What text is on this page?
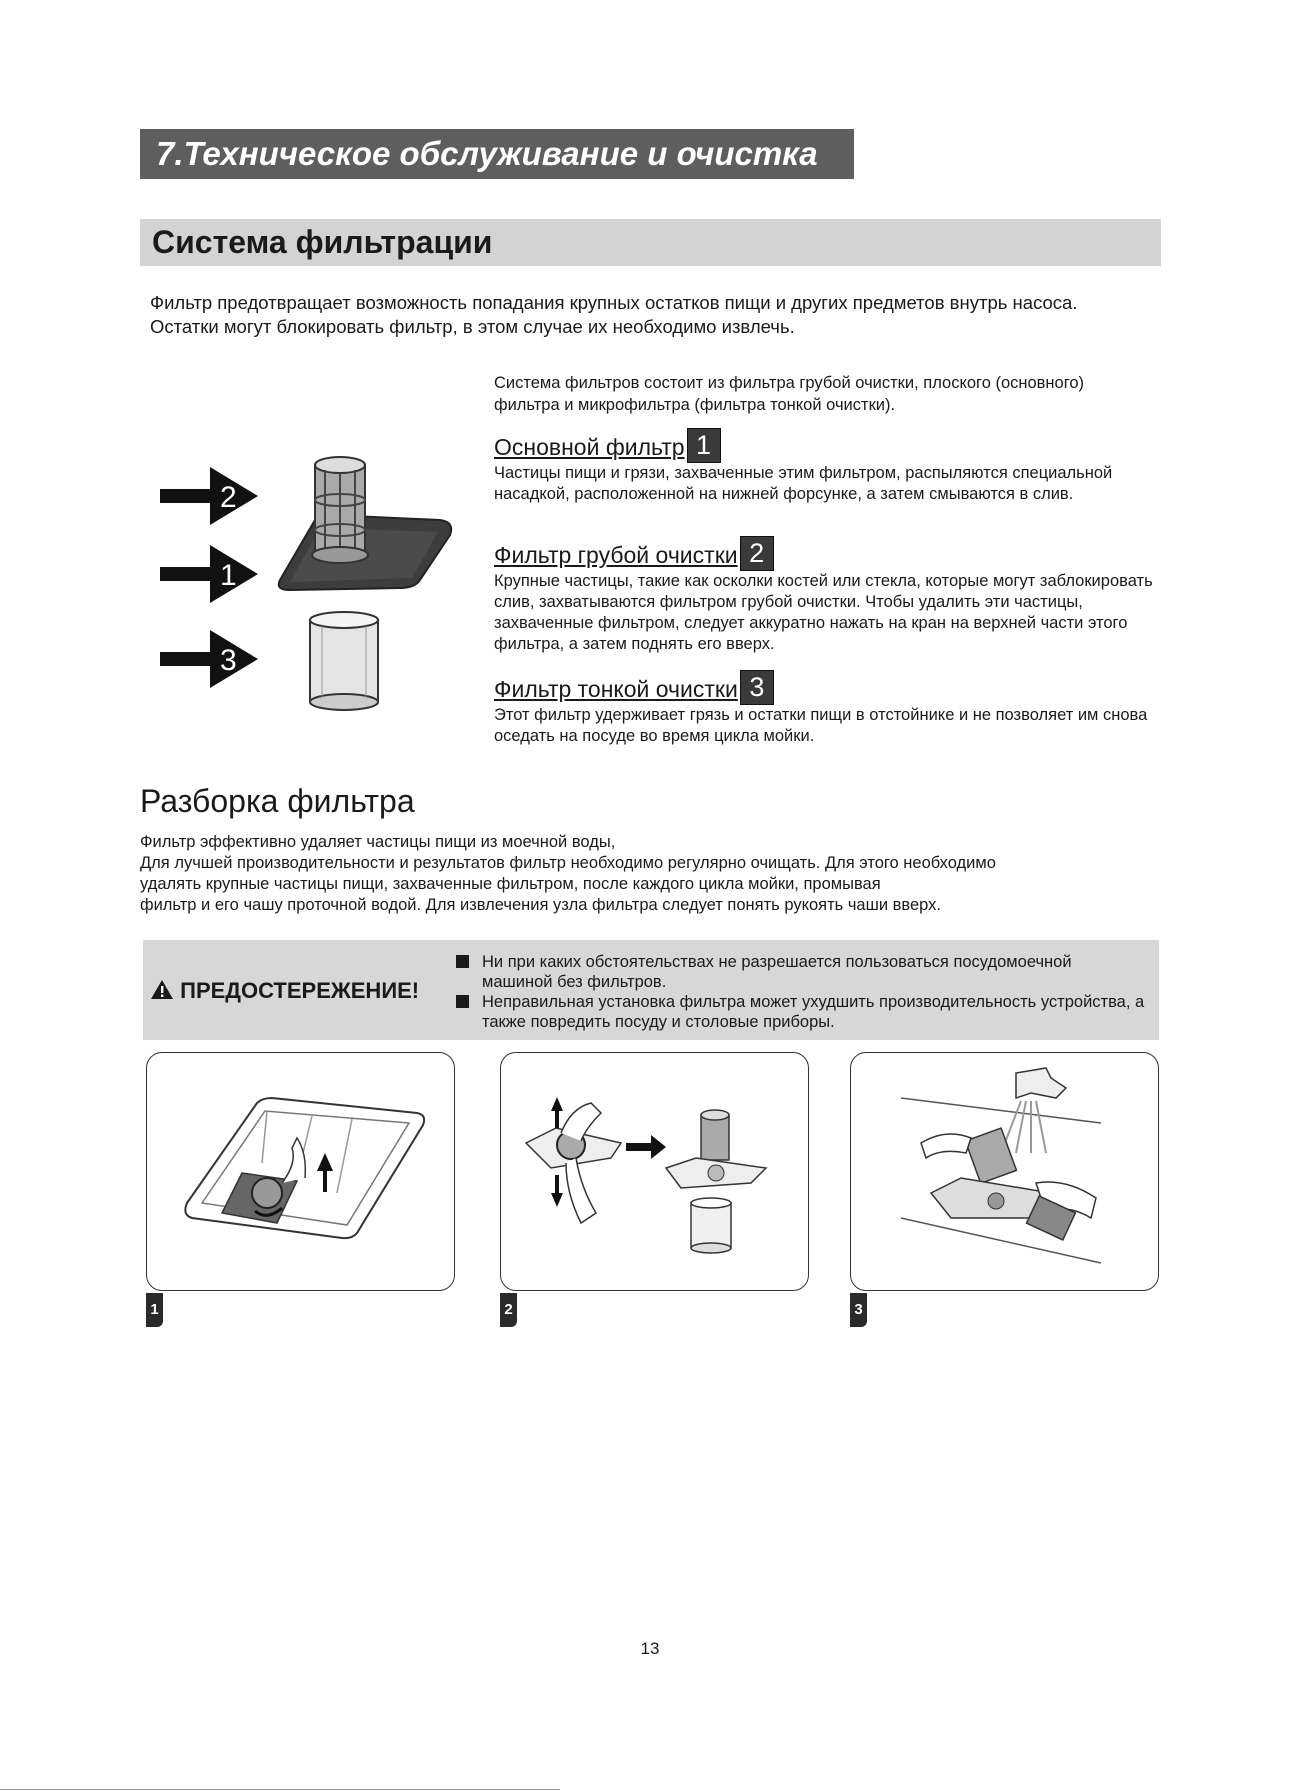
7.Техническое обслуживание и очистка
Система фильтрации

Фильтр предотвращает возможность попадания крупных остатков пищи и других предметов внутрь насоса.

Остатки могут блокировать фильтр, в этом случае их необходимо извлечь.

2
1
3
Система фильтров состоит из фильтра грубой очистки, плоского (основного) фильтра и микрофильтра (фильтра тонкой очистки).
Основной фильтр 1
Частицы пищи и грязи, захваченные этим фильтром, распыляются специальной насадкой, расположенной на нижней форсунке, а затем смываются в слив.
Фильтр грубой очистки 2
Крупные частицы, такие как осколки костей или стекла, которые могут заблокировать слив, захватываются фильтром грубой очистки. Чтобы удалить эти частицы, захваченные фильтром, следует аккуратно нажать на кран на верхней части этого фильтра, а затем поднять его вверх.
Фильтр тонкой очистки 3
Этот фильтр удерживает грязь и остатки пищи в отстойнике и не позволяет им снова оседать на посуде во время цикла мойки.
Разборка фильтра

Фильтр эффективно удаляет частицы пищи из моечной воды,

Для лучшей производительности и результатов фильтр необходимо регулярно очищать. Для этого необходимо

удалять крупные частицы пищи, захваченные фильтром, после каждого цикла мойки, промывая

фильтр и его чашу проточной водой. Для извлечения узла фильтра следует понять рукоять чаши вверх.

ПРЕДОСТЕРЕЖЕНИЕ!
Ни при каких обстоятельствах не разрешается пользоваться посудомоечной машиной без фильтров.
Неправильная установка фильтра может ухудшить производительность устройства, а также повредить посуду и столовые приборы.
1	2	3
13
